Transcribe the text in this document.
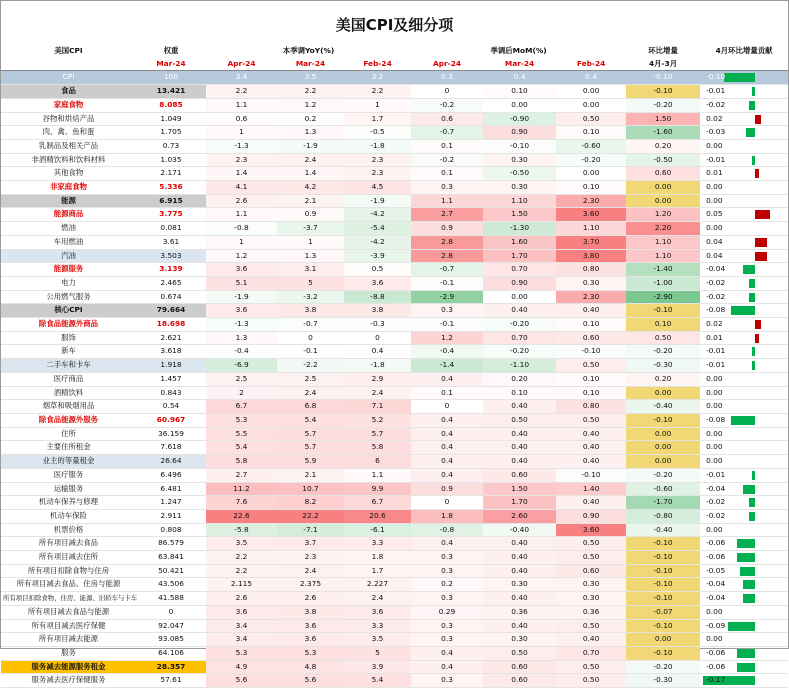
美国CPI及细分项
美国CPI	权重	本季调YoY(%)			季调后MoM(%)			环比增量	4月环比增量贡献
	Mar-24	Apr-24	Mar-24	Feb-24	Apr-24	Mar-24	Feb-24	4月-3月	
CPI	100	3.4	3.5	3.2	0.3	0.4	0.4	-0.10	-0.10
食品	13.421	2.2	2.2	2.2	0	0.10	0.00	-0.10	-0.01
家庭食物	8.085	1.1	1.2	1	-0.2	0.00	0.00	-0.20	-0.02
谷物和烘焙产品	1.049	0.6	0.2	1.7	0.6	-0.90	0.50	1.50	0.02
肉、禽、鱼和蛋	1.705	1	1.3	-0.5	-0.7	0.90	0.10	-1.60	-0.03
乳制品及相关产品	0.73	-1.3	-1.9	-1.8	0.1	-0.10	-0.60	0.20	0.00
非酒精饮料和饮料材料	1.035	2.3	2.4	2.3	-0.2	0.30	-0.20	-0.50	-0.01
其他食物	2.171	1.4	1.4	2.3	0.1	-0.50	0.00	0.60	0.01
非家庭食物	5.336	4.1	4.2	4.5	0.3	0.30	0.10	0.00	0.00
能源	6.915	2.6	2.1	-1.9	1.1	1.10	2.30	0.00	0.00
能源商品	3.775	1.1	0.9	-4.2	2.7	1.50	3.60	1.20	0.05
燃油	0.081	-0.8	-3.7	-5.4	0.9	-1.30	1.10	2.20	0.00
车用燃油	3.61	1	1	-4.2	2.8	1.60	3.70	1.10	0.04
汽油	3.503	1.2	1.3	-3.9	2.8	1.70	3.80	1.10	0.04
能源服务	3.139	3.6	3.1	0.5	-0.7	0.70	0.80	-1.40	-0.04
电力	2.465	5.1	5	3.6	-0.1	0.90	0.30	-1.00	-0.02
公用燃气服务	0.674	-1.9	-3.2	-8.8	-2.9	0.00	2.30	-2.90	-0.02
核心CPI	79.664	3.6	3.8	3.8	0.3	0.40	0.40	-0.10	-0.08
除食品能源外商品	18.698	-1.3	-0.7	-0.3	-0.1	-0.20	0.10	0.10	0.02
服饰	2.621	1.3	0	0	1.2	0.70	0.60	0.50	0.01
新车	3.618	-0.4	-0.1	0.4	-0.4	-0.20	-0.10	-0.20	-0.01
二手车和卡车	1.918	-6.9	-2.2	-1.8	-1.4	-1.10	0.50	-0.30	-0.01
医疗商品	1.457	2.5	2.5	2.9	0.4	0.20	0.10	0.20	0.00
酒精饮料	0.843	2	2.4	2.4	0.1	0.10	0.10	0.00	0.00
烟草和吸烟用品	0.54	6.7	6.8	7.1	0	0.40	0.80	-0.40	0.00
除食品能源外服务	60.967	5.3	5.4	5.2	0.4	0.50	0.50	-0.10	-0.08
住所	36.159	5.5	5.7	5.7	0.4	0.40	0.40	0.00	0.00
主要住所租金	7.618	5.4	5.7	5.8	0.4	0.40	0.40	0.00	0.00
业主的等量租金	26.64	5.8	5.9	6	0.4	0.40	0.40	0.00	0.00
医疗服务	6.496	2.7	2.1	1.1	0.4	0.60	-0.10	-0.20	-0.01
运输服务	6.481	11.2	10.7	9.9	0.9	1.50	1.40	-0.60	-0.04
机动车保养与修理	1.247	7.6	8.2	6.7	0	1.70	0.40	-1.70	-0.02
机动车保险	2.911	22.6	22.2	20.6	1.8	2.60	0.90	-0.80	-0.02
机票价格	0.808	-5.8	-7.1	-6.1	-0.8	-0.40	3.60	-0.40	0.00
所有项目减去食品	86.579	3.5	3.7	3.3	0.4	0.40	0.50	-0.10	-0.06
所有项目减去住所	63.841	2.2	2.3	1.8	0.3	0.40	0.50	-0.10	-0.06
所有项目扣除食物与住房	50.421	2.2	2.4	1.7	0.3	0.40	0.60	-0.10	-0.05
所有项目减去食品、住房与能源	43.506	2.115	2.375	2.227	0.2	0.30	0.30	-0.10	-0.04
所有项目扣除食物、住房、能源、旧轿车与卡车	41.588	2.6	2.6	2.4	0.3	0.40	0.30	-0.10	-0.04
所有项目减去食品与能源	0	3.6	3.8	3.6	0.29	0.36	0.36	-0.07	0.00
所有项目减去医疗保健	92.047	3.4	3.6	3.3	0.3	0.40	0.50	-0.10	-0.09
所有项目减去能源	93.085	3.4	3.6	3.5	0.3	0.30	0.40	0.00	0.00
服务	64.106	5.3	5.3	5	0.4	0.50	0.70	-0.10	-0.06
服务减去能源服务租金	28.357	4.9	4.8	3.9	0.4	0.60	0.50	-0.20	-0.06
服务减去医疗保健服务	57.61	5.6	5.6	5.4	0.3	0.60	0.50	-0.30	-0.17
